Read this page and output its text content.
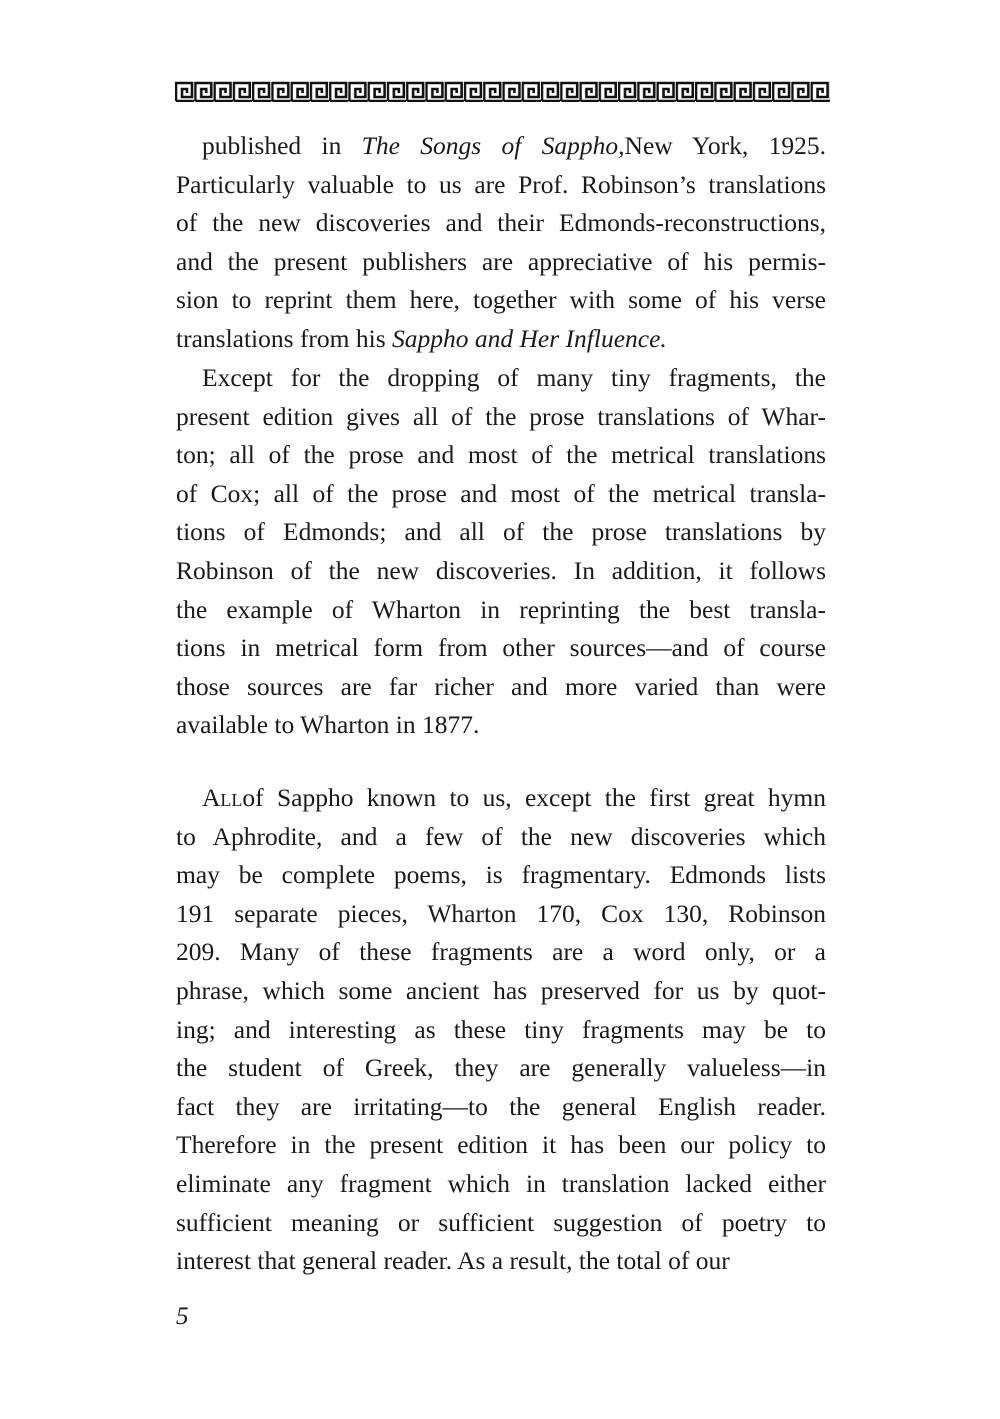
published in The Songs of Sappho,New York, 1925.
Particularly valuable to us are Prof. Robinson’s translations
of the new discoveries and their Edmonds-reconstructions,
and the present publishers are appreciative of his permis-
sion to reprint them here, together with some of his verse
translations from his Sappho and Her Influence.
Except for the dropping of many tiny fragments, the
present edition gives all of the prose translations of Whar-
ton; all of the prose and most of the metrical translations
of Cox; all of the prose and most of the metrical transla-
tions of Edmonds; and all of the prose translations by
Robinson of the new discoveries. In addition, it follows
the example of Wharton in reprinting the best transla-
tions in metrical form from other sources—and of course
those sources are far richer and more varied than were
available to Wharton in 1877.
Allof Sappho known to us, except the first great hymn
to Aphrodite, and a few of the new discoveries which
may be complete poems, is fragmentary. Edmonds lists
191 separate pieces, Wharton 170, Cox 130, Robinson
209. Many of these fragments are a word only, or a
phrase, which some ancient has preserved for us by quot-
ing; and interesting as these tiny fragments may be to
the student of Greek, they are generally valueless—in
fact they are irritating—to the general English reader.
Therefore in the present edition it has been our policy to
eliminate any fragment which in translation lacked either
sufficient meaning or sufficient suggestion of poetry to
interest that general reader. As a result, the total of our
5
